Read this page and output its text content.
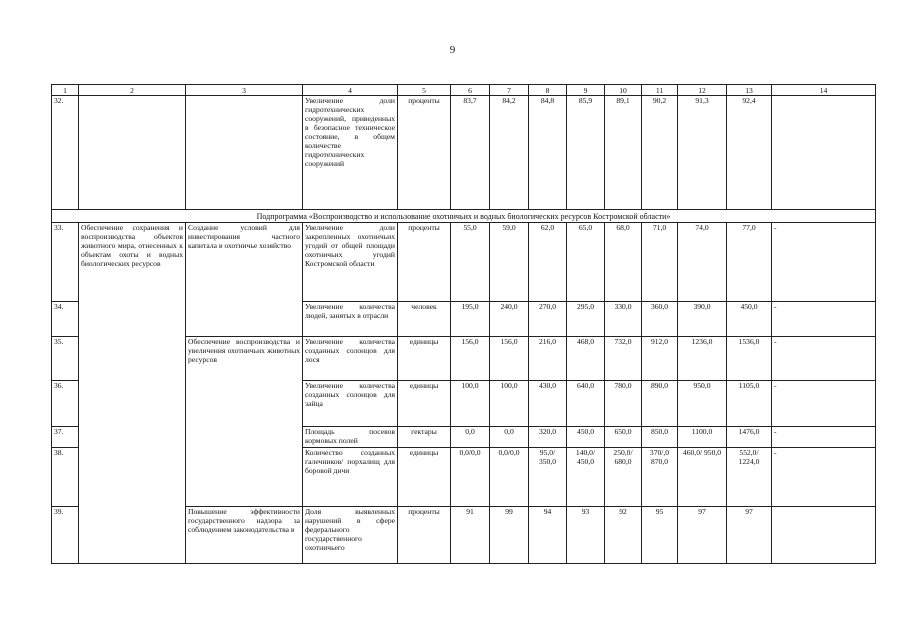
9
1	2	3	4	5	6	7	8	9	10	11	12	13	14
32.			Увеличение доли гидротехнических сооружений, приведенных в безопасное техническое состояние, в общем количестве гидротехнических сооружений	проценты	83,7	84,2	84,8	85,9	89,1	90,2	91,3	92,4	
Подпрограмма «Воспроизводство и использование охотничьих и водных биологических ресурсов Костромской области»													
33.	Обеспечение сохранения и воспроизводства объектов животного мира, отнесенных к объектам охоты и водных биологических ресурсов	Создание условий для инвестирования частного капитала в охотничье хозяйство	Увеличение доли закрепленных охотничьих угодий от общей площади охотничьих угодий Костромской области	проценты	55,0	59,0	62,0	65,0	68,0	71,0	74,0	77,0	-
34.			Увеличение количества людей, занятых в отрасли	человек	195,0	240,0	270,0	295,0	330,0	360,0	390,0	450,0	-
35.		Обеспечение воспроизводства и увеличения охотничьих животных ресурсов	Увеличение количества созданных солонцов для лося	единицы	156,0	156,0	216,0	468,0	732,0	912,0	1236,0	1536,0	-
36.			Увеличение количества созданных солонцов для зайца	единицы	100,0	100,0	430,0	640,0	780,0	890,0	950,0	1105,0	-
37.			Площадь посевов кормовых полей	гектары	0,0	0,0	320,0	450,0	650,0	850,0	1100,0	1476,0	-
38.			Количество созданных галечников/ порхалищ для боровой дичи	единицы	0,0/0,0	0,0/0,0	95,0/ 350,0	140,0/ 450,0	250,0/ 680,0	370/,0 870,0	460,0/ 950,0	552,0/ 1224,0	-
39.		Повышение эффективности государственного надзора за соблюдением законодательства в	Доля выявленных нарушений в сфере федерального государственного охотничьего	проценты	91	99	94	93	92	95	97	97	
